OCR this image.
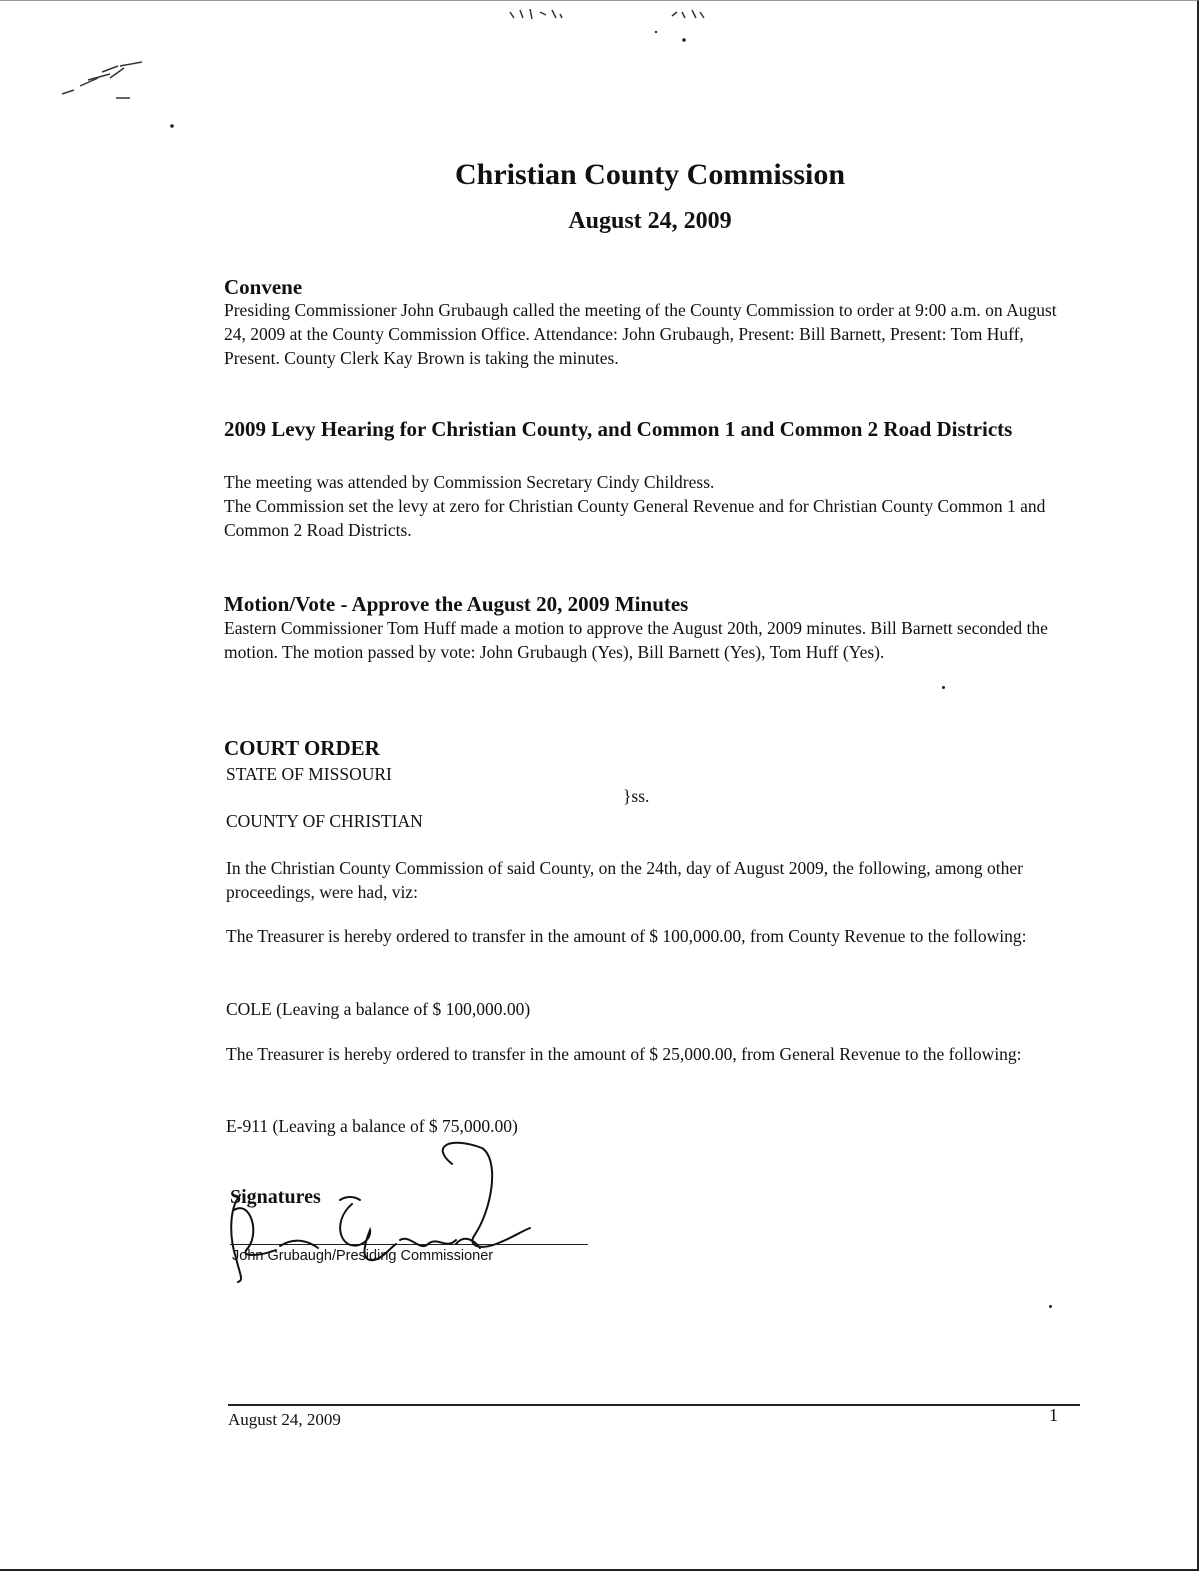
Christian County Commission
August 24, 2009
Convene
Presiding Commissioner John Grubaugh called the meeting of the County Commission to order at 9:00 a.m. on August 24, 2009 at the County Commission Office. Attendance: John Grubaugh, Present: Bill Barnett, Present: Tom Huff, Present. County Clerk Kay Brown is taking the minutes.
2009 Levy Hearing for Christian County, and Common 1 and Common 2 Road Districts

The meeting was attended by Commission Secretary Cindy Childress.

The Commission set the levy at zero for Christian County General Revenue and for Christian County Common 1 and Common 2 Road Districts.

Motion/Vote - Approve the August 20, 2009 Minutes
Eastern Commissioner Tom Huff made a motion to approve the August 20th, 2009 minutes. Bill Barnett seconded the motion. The motion passed by vote: John Grubaugh (Yes), Bill Barnett (Yes), Tom Huff (Yes).
COURT ORDER
STATE OF MISSOURI
}ss.
COUNTY OF CHRISTIAN
In the Christian County Commission of said County, on the 24th, day of August 2009, the following, among other proceedings, were had, viz:
The Treasurer is hereby ordered to transfer in the amount of $ 100,000.00, from County Revenue to the following:
COLE (Leaving a balance of $ 100,000.00)
The Treasurer is hereby ordered to transfer in the amount of $ 25,000.00, from General Revenue to the following:
E-911 (Leaving a balance of $ 75,000.00)
Signatures
John Grubaugh/Presiding Commissioner
August 24, 2009	1
